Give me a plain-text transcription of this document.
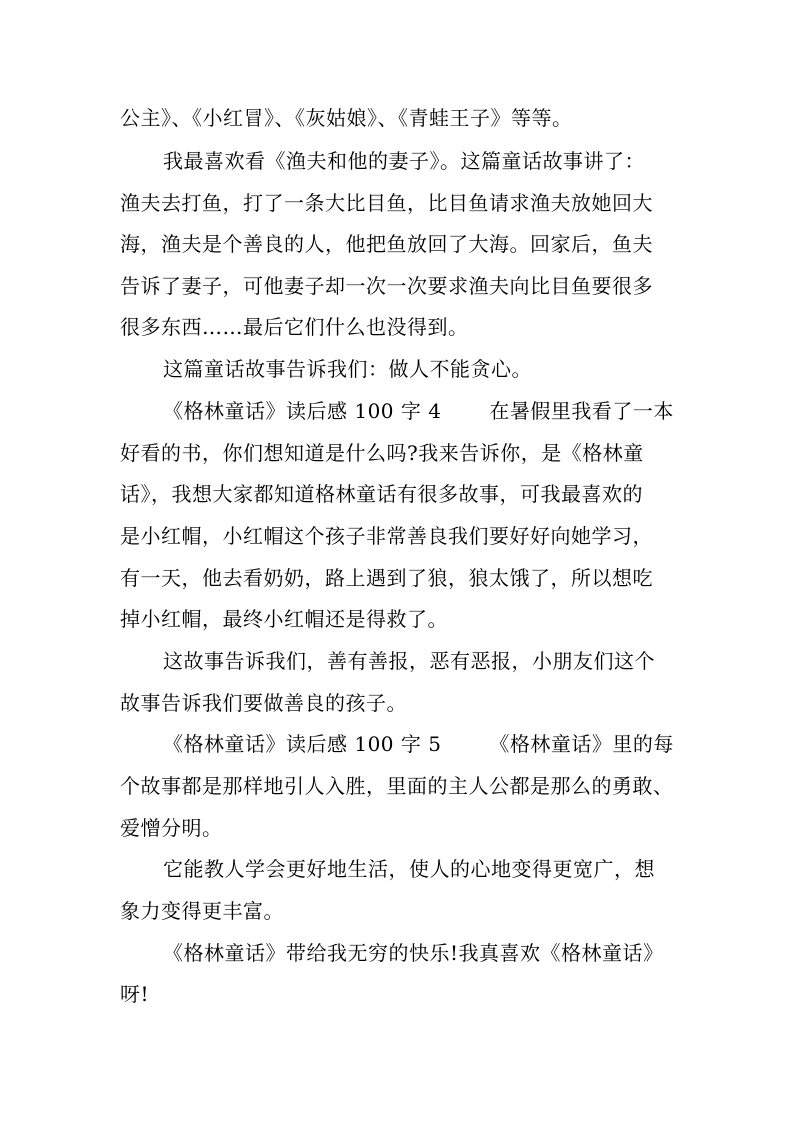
公主》、《小红冒》、《灰姑娘》、《青蛙王子》等等。
我最喜欢看《渔夫和他的妻子》。这篇童话故事讲了：
渔夫去打鱼，打了一条大比目鱼，比目鱼请求渔夫放她回大
海，渔夫是个善良的人，他把鱼放回了大海。回家后，鱼夫
告诉了妻子，可他妻子却一次一次要求渔夫向比目鱼要很多
很多东西……最后它们什么也没得到。
这篇童话故事告诉我们：做人不能贪心。
《格林童话》读后感 100 字 4　　 在暑假里我看了一本
好看的书，你们想知道是什么吗?我来告诉你，是《格林童
话》，我想大家都知道格林童话有很多故事，可我最喜欢的
是小红帽，小红帽这个孩子非常善良我们要好好向她学习，
有一天，他去看奶奶，路上遇到了狼，狼太饿了，所以想吃
掉小红帽，最终小红帽还是得救了。
这故事告诉我们，善有善报，恶有恶报，小朋友们这个
故事告诉我们要做善良的孩子。
《格林童话》读后感 100 字 5　　 《格林童话》里的每
个故事都是那样地引人入胜，里面的主人公都是那么的勇敢、
爱憎分明。
它能教人学会更好地生活，使人的心地变得更宽广，想
象力变得更丰富。
《格林童话》带给我无穷的快乐!我真喜欢《格林童话》
呀!
